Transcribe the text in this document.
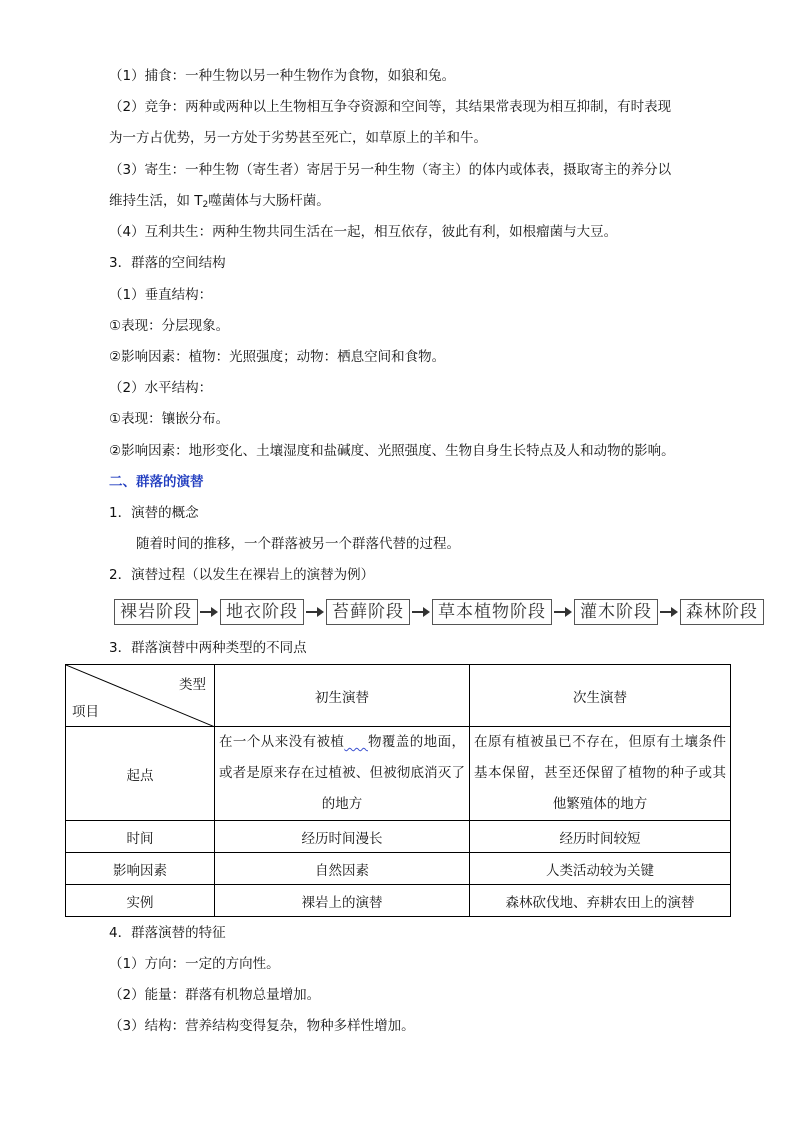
（1）捕食：一种生物以另一种生物作为食物，如狼和兔。
（2）竞争：两种或两种以上生物相互争夺资源和空间等，其结果常表现为相互抑制，有时表现
为一方占优势，另一方处于劣势甚至死亡，如草原上的羊和牛。
（3）寄生：一种生物（寄生者）寄居于另一种生物（寄主）的体内或体表，摄取寄主的养分以
维持生活，如 $T_2$噬菌体与大肠杆菌。
（4）互利共生：两种生物共同生活在一起，相互依存，彼此有利，如根瘤菌与大豆。
3．群落的空间结构
（1）垂直结构：
①表现：分层现象。
②影响因素：植物：光照强度；动物：栖息空间和食物。
（2）水平结构：
①表现：镶嵌分布。
②影响因素：地形变化、土壤湿度和盐碱度、光照强度、生物自身生长特点及人和动物的影响。
二、群落的演替
1．演替的概念
随着时间的推移，一个群落被另一个群落代替的过程。
2．演替过程（以发生在裸岩上的演替为例）
裸岩阶段	地衣阶段	苔藓阶段	草本植物阶段	灌木阶段	森林阶段
3．群落演替中两种类型的不同点
类型
项目	初生演替	次生演替
起点	在一个从来没有被植 物覆盖的地面，或者是原来存在过植被、但被彻底消灭了的地方	在原有植被虽已不存在，但原有土壤条件基本保留，甚至还保留了植物的种子或其他繁殖体的地方

时间	经历时间漫长	经历时间较短
影响因素	自然因素	人类活动较为关键
实例	裸岩上的演替	森林砍伐地、弃耕农田上的演替
4．群落演替的特征
（1）方向：一定的方向性。
（2）能量：群落有机物总量增加。
（3）结构：营养结构变得复杂，物种多样性增加。
